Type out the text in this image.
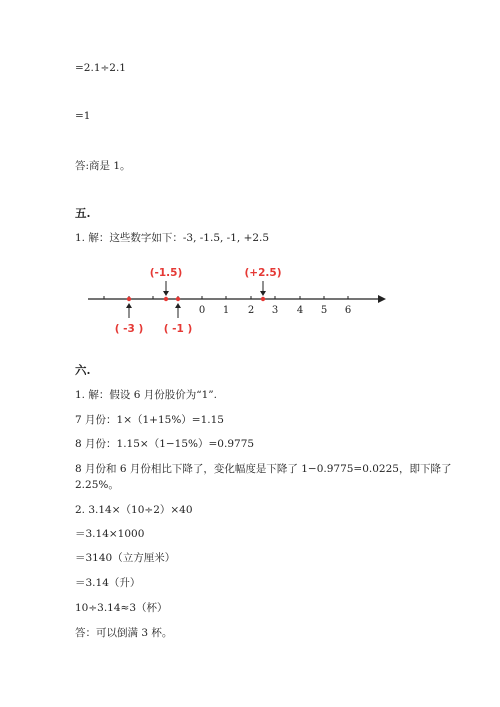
=2.1÷2.1
=1
答:商是 1。
五.
1. 解：这些数字如下：-3, -1.5, -1, +2.5
0 1 2 3 4 5 6
(-1.5)	(+2.5)
( -3 ) ( -1 )
六.
1. 解：假设 6 月份股价为“1”.
7 月份：1×（1+15%）=1.15
8 月份：1.15×（1−15%）=0.9775
8 月份和 6 月份相比下降了，变化幅度是下降了 1−0.9775=0.0225，即下降了
2.25%。
2. 3.14×（10÷2）×40
＝3.14×1000
＝3140（立方厘米）
＝3.14（升）
10÷3.14≈3（杯）
答：可以倒满 3 杯。
